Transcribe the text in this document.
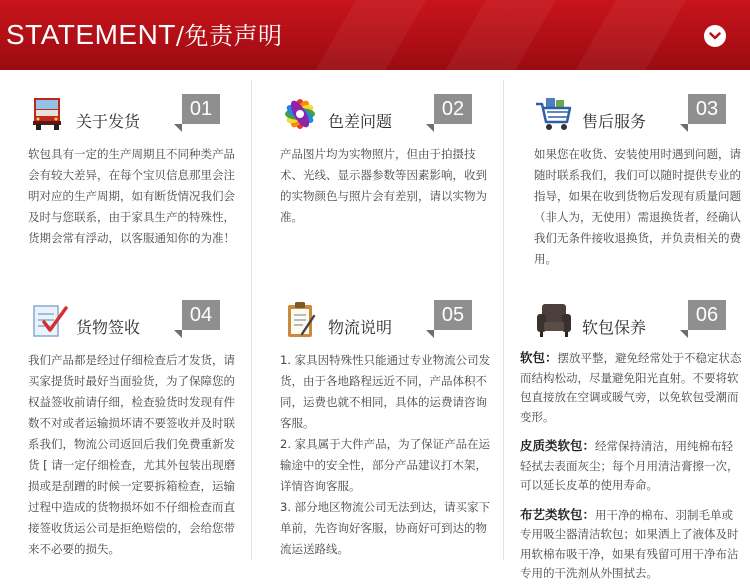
STATEMENT/免责声明
关于发货
01

软包具有一定的生产周期且不同种类产品会有较大差异，在每个宝贝信息那里会注明对应的生产周期，如有断货情况我们会及时与您联系，由于家具生产的特殊性，货期会常有浮动，以客服通知你的为准！

色差问题
02

产品图片均为实物照片，但由于拍摄技术、光线、显示器参数等因素影响，收到的实物颜色与照片会有差别，请以实物为准。

售后服务
03

如果您在收货、安装使用时遇到问题，请随时联系我们，我们可以随时提供专业的指导，如果在收到货物后发现有质量问题（非人为，无使用）需退换货者，经确认我们无条件接收退换货，并负责相关的费用。

货物签收
04

我们产品都是经过仔细检查后才发货，请买家提货时最好当面验货，为了保障您的权益签收前请仔细，检查验货时发现有件数不对或者运输损坏请不要签收并及时联系我们，物流公司返回后我们免费重新发货 [ 请一定仔细检查，尤其外包装出现磨损或是刮蹭的时候一定要拆箱检查，运输过程中造成的货物损坏如不仔细检查而直接签收货运公司是拒绝赔偿的，会给您带来不必要的损失。

物流说明
05

1. 家具因特殊性只能通过专业物流公司发货，由于各地路程远近不同，产品体积不同，运费也就不相同，具体的运费请咨询客服。

2. 家具属于大件产品，为了保证产品在运输途中的安全性，部分产品建议打木架，详情咨询客服。

3. 部分地区物流公司无法到达，请买家下单前，先咨询好客服，协商好可到达的物流运送路线。

软包保养
06

软包：摆放平整，避免经常处于不稳定状态而结构松动，尽量避免阳光直射。不要将软包直接放在空调或暖气旁，以免软包受潮而变形。

皮质类软包：经常保持清洁，用纯棉布轻轻拭去表面灰尘；每个月用清洁膏擦一次，可以延长皮革的使用寿命。

布艺类软包：用干净的棉布、羽制毛单或专用吸尘器清洁软包；如果洒上了液体及时用软棉布吸干净，如果有残留可用干净布沾专用的干洗剂从外围拭去。
